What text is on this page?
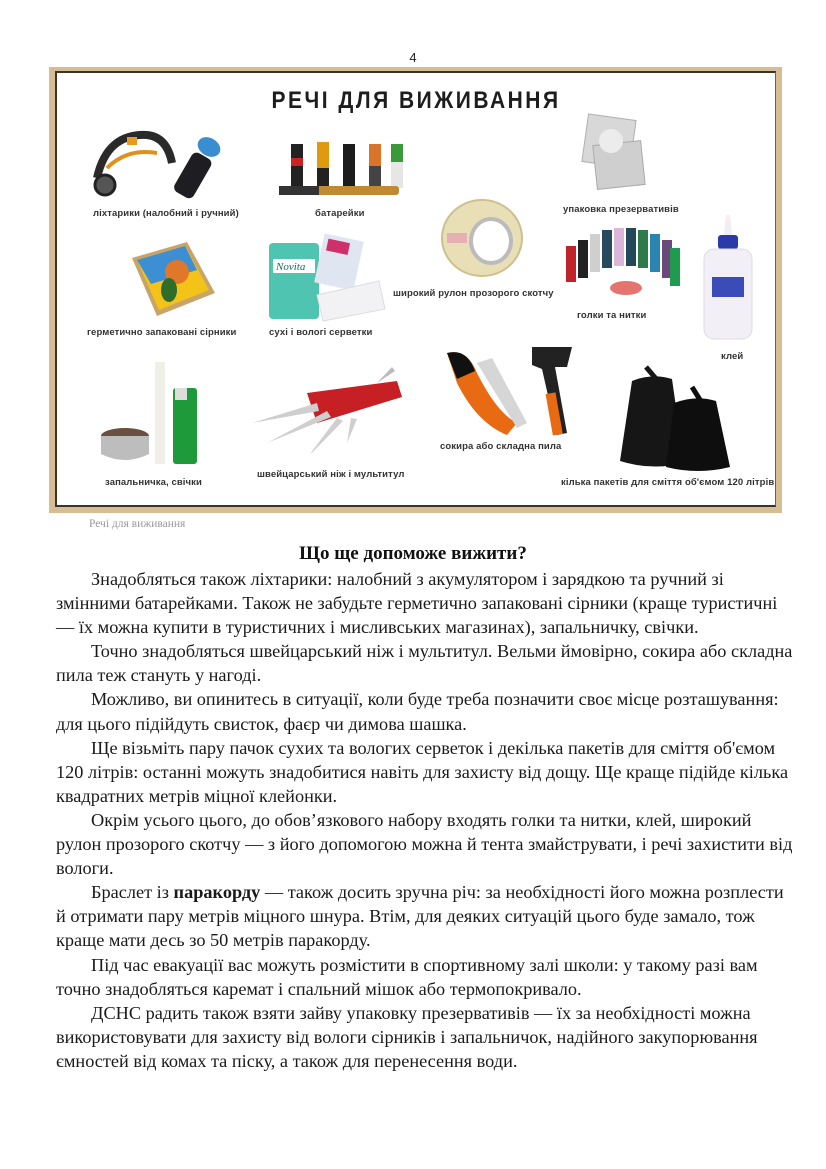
4
РЕЧІ ДЛЯ ВИЖИВАННЯ
ліхтарики (налобний і ручний)	батарейки	упаковка презервативів
герметично запаковані сірники
Novita
сухі і вологі серветки
широкий рулон прозорого скотчу
голки та нитки
клей
запальничка, свічки
швейцарський ніж і мультитул
сокира або складна пила
кілька пакетів для сміття об'ємом 120 літрів
Речі для виживання
Що ще допоможе вижити?

Знадобляться також ліхтарики: налобний з акумулятором і зарядкою та ручний зі змінними батарейками. Також не забудьте герметично запаковані сірники (краще туристичні — їх можна купити в туристичних і мисливських магазинах), запальничку, свічки.

Точно знадобляться швейцарський ніж і мультитул. Вельми ймовірно, сокира або складна пила теж стануть у нагоді.

Можливо, ви опинитесь в ситуації, коли буде треба позначити своє місце розташування: для цього підійдуть свисток, фаєр чи димова шашка.

Ще візьміть пару пачок сухих та вологих серветок і декілька пакетів для сміття об'ємом 120 літрів: останні можуть знадобитися навіть для захисту від дощу. Ще краще підійде кілька квадратних метрів міцної клейонки.

Окрім усього цього, до обов’язкового набору входять голки та нитки, клей, широкий рулон прозорого скотчу — з його допомогою можна й тента змайструвати, і речі захистити від вологи.

Браслет із паракорду — також досить зручна річ: за необхідності його можна розплести й отримати пару метрів міцного шнура. Втім, для деяких ситуацій цього буде замало, тож краще мати десь зо 50 метрів паракорду.

Під час евакуації вас можуть розмістити в спортивному залі школи: у такому разі вам точно знадобляться каремат і спальний мішок або термопокривало.

ДСНС радить також взяти зайву упаковку презервативів — їх за необхідності можна використовувати для захисту від вологи сірників і запальничок, надійного закупорювання ємностей від комах та піску, а також для перенесення води.
